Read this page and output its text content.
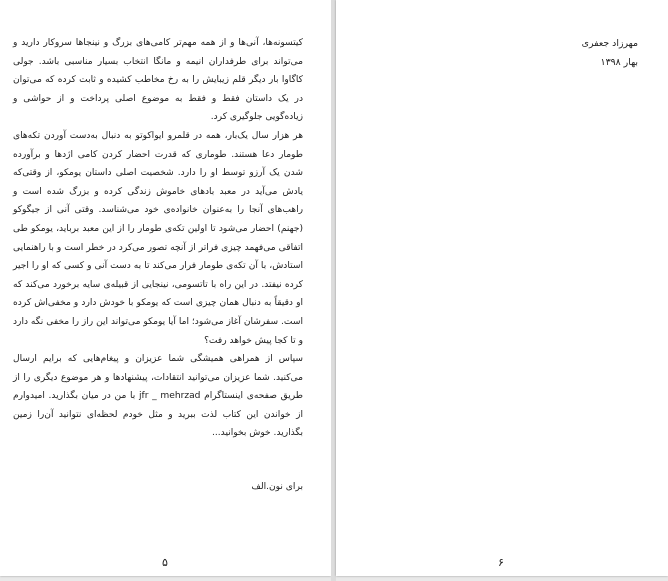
کیتسونه‌ها، آنی‌ها و از همه مهم‌تر کامی‌های بزرگ و نینجاها سروکار دارید و می‌تواند برای طرفداران انیمه و مانگا انتخاب بسیار مناسبی باشد. جولی کاگاوا بار دیگر قلم زیبایش را به رخ مخاطب کشیده و ثابت کرده که می‌توان در یک داستان فقط و فقط به موضوع اصلی پرداخت و از حواشی و زیاده‌گویی جلوگیری کرد.

هر هزار سال یک‌بار، همه در قلمرو ایواکوتو به دنبال به‌دست آوردن تکه‌های طومار دعا هستند. طوماری که قدرت احضار کردن کامی اژدها و برآورده شدن یک آرزو توسط او را دارد. شخصیت اصلی داستان یومکو، از وقتی‌که یادش می‌آید در معبد بادهای خاموش زندگی کرده و بزرگ شده است و راهب‌های آنجا را به‌عنوان خانواده‌ی خود می‌شناسد. وقتی آنی از جیگوکو (جهنم) احضار می‌شود تا اولین تکه‌ی طومار را از این معبد برباید، یومکو طی اتفاقی می‌فهمد چیزی فراتر از آنچه تصور می‌کرد در خطر است و با راهنمایی استادش، با آن تکه‌ی طومار فرار می‌کند تا به دست آنی و کسی که او را اجیر کرده نیفتد. در این راه با تاتسومی، نینجایی از قبیله‌ی سایه برخورد می‌کند که او دقیقاً به دنبال همان چیزی است که یومکو با خودش دارد و مخفی‌اش کرده است. سفرشان آغاز می‌شود؛ اما آیا یومکو می‌تواند این راز را مخفی نگه دارد و تا کجا پیش خواهد رفت؟

سپاس از همراهی همیشگی شما عزیزان و پیغام‌هایی که برایم ارسال می‌کنید. شما عزیزان می‌توانید انتقادات، پیشنهادها و هر موضوع دیگری را از طریق صفحه‌ی اینستاگرام jfr _ mehrzad با من در میان بگذارید. امیدوارم از خواندن این کتاب لذت ببرید و مثل خودم لحظه‌ای نتوانید آن‌را زمین بگذارید. خوش بخوانید...

برای نون.الف
۵
مهرزاد جعفری
بهار ۱۳۹۸
۶
